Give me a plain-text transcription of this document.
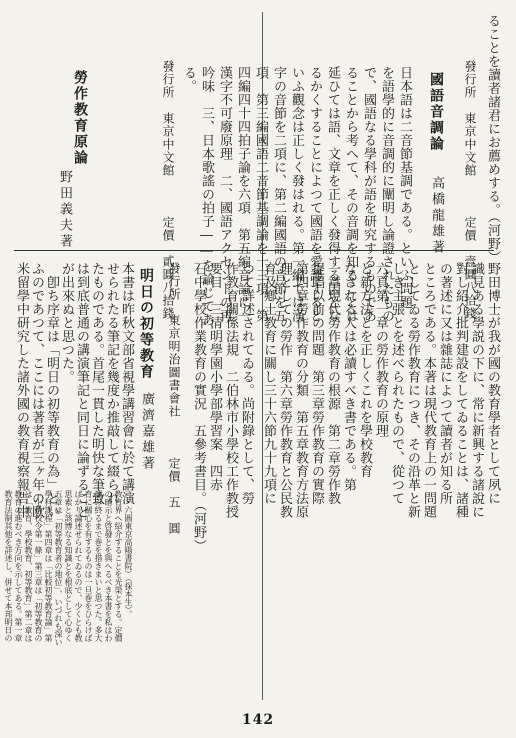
ることを讀者諸君にお薦めする。（河野）
發行所　東京中文館　　　定價　壹圓八拾錢
國語音調論
高橋龍雄著
日本語は二音節基調である。といふ問題
を語學的に音調的に闡明し論證されたもの
で、國語なる學科が語を研究するものであ
ることから考へて、その音調を知ることは
延ひては語、文章を正しく發得する因とな
るかくすることによつて國語を愛護すると
いふ觀念は正しく發はれる。第一編では漢
字の音節を二項に、第二編國語の音節を五
項　第三編國語二音節基調論を十三項　第
四編四十四拍子論を六項　第五編音論に一
漢字不可廢原理　二、國語アクセントの再
吟味　三、日本歌謠の拍子――を論じてあ
る。
發行所　東京中文館　　　定價　貳圓八拾錢
勞作教育原論
野田義夫著
野田博士が我が國の教育學者として夙に
識見ある學説の下に、常に新興する諸說に
對し紹介批判建設をしてゐることは、諸種
の著述に又は雜誌によつて讀者が知る所
ところである。本著は現代教育上の一問題
としてゐる勞作教育につき、その沿革と新
しき主張とを述べられたもので、從つて
六頁第一章の勞作教育の原理
と新方法とを正しくこれを學校教育
なされる人は必讀すべき書である。第
一章現代勞作教育の根源　第二章勞作教
提唱以前の問題　第三章勞作教育の實際
第四章勞作教育の分類　第五章教育方法原
理としての勞作　第六章勞作教育と公民教
育及鄕土教育に關し三十六節九十九項に
つて詳述されてゐる。尚附錄として、勞
作教育關係法規　二伯林市小學校工作教授
要目　三清明學園小學部學習案　四赤
石中學校作業教育の實況　五參考書目。（河野）
發行所　東京明治圖書會社　　　定價　五　圓
明日の初等教育
廣濟嘉雄著
本書は昨秋文部省視學講習會に於て講演
せられたる筆記を幾度か推敲して綴られ
たものである。首尾一貫した明快な筆致
は到底普通の講演筆記と同日に論ずること
が出來ぬと思つた。
　卽ち序章は「明日の初等教育の為」とい
ふのであつて、ここには著者が三ヶ年の欧
米留學中研究した諸外國の教育視察報告中
教育法制其他を詳述し、併せて本邦明日の 教育の進むべき方向を示してある。第一章 は「教育、學校教育、初等教育」第二章は 「小學校令第一條」第三章は「初等教育の 學科課程」第四章は「比較初等教育論」第 五章は「初等教育者の地位」、いづれも深い 思索と該博なる知識とを根底として心ゆく ばかり論述せられてゐるので、少くとも教 育に關心を有するものは一旦巻をひらけば 讀み終るまで巻を措きまいと思つた。多大 の暗示と啓發とを與へるべき本書を私はわ 教育界へ紹介することを光榮とする。定價 三・六圓東京高陽書院）（探本生）。
142
